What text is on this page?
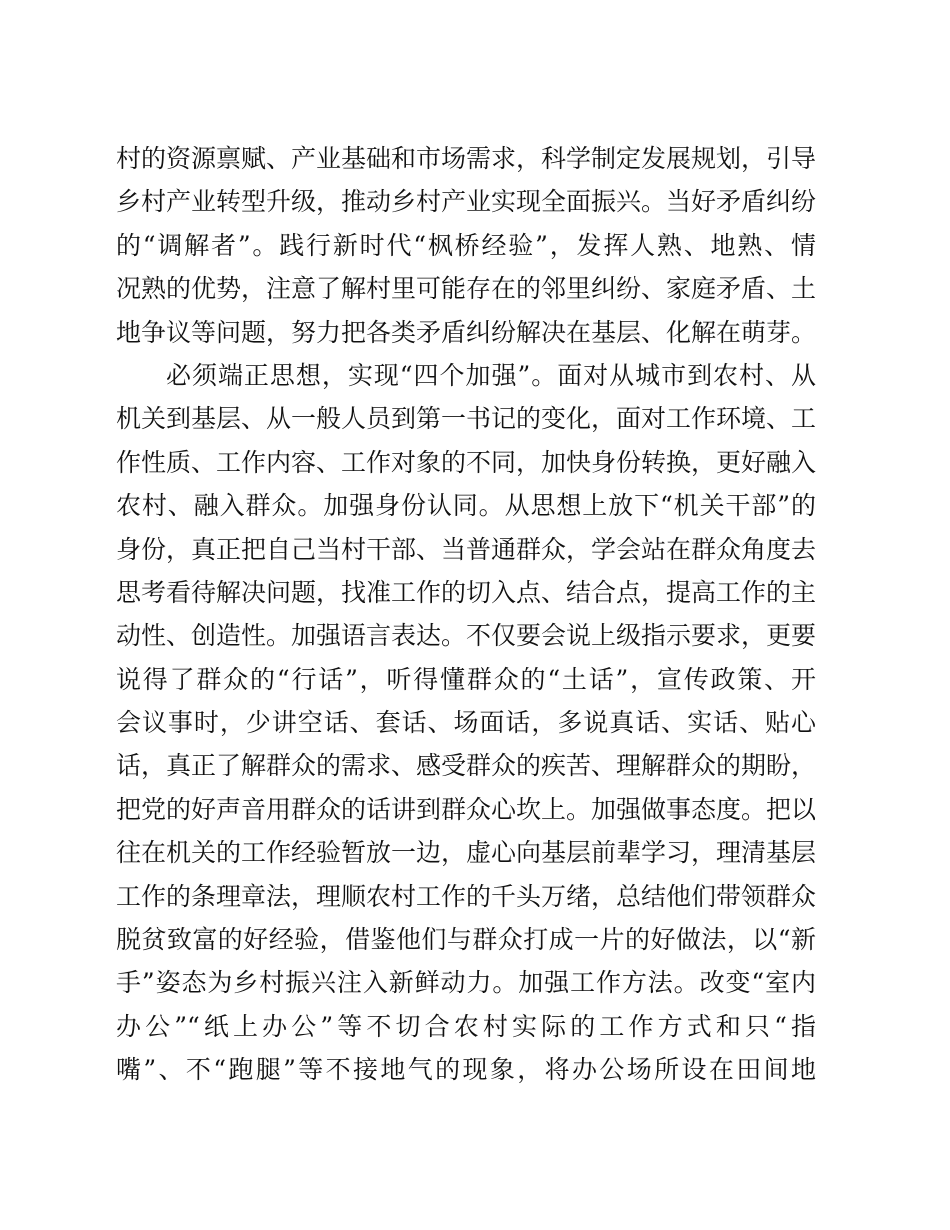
村的资源禀赋、产业基础和市场需求，科学制定发展规划，引导
乡村产业转型升级，推动乡村产业实现全面振兴。当好矛盾纠纷
的“调解者”。践行新时代“枫桥经验”，发挥人熟、地熟、情
况熟的优势，注意了解村里可能存在的邻里纠纷、家庭矛盾、土
地争议等问题，努力把各类矛盾纠纷解决在基层、化解在萌芽。
必须端正思想，实现“四个加强”。面对从城市到农村、从
机关到基层、从一般人员到第一书记的变化，面对工作环境、工
作性质、工作内容、工作对象的不同，加快身份转换，更好融入
农村、融入群众。加强身份认同。从思想上放下“机关干部”的
身份，真正把自己当村干部、当普通群众，学会站在群众角度去
思考看待解决问题，找准工作的切入点、结合点，提高工作的主
动性、创造性。加强语言表达。不仅要会说上级指示要求，更要
说得了群众的“行话”，听得懂群众的“土话”，宣传政策、开
会议事时，少讲空话、套话、场面话，多说真话、实话、贴心
话，真正了解群众的需求、感受群众的疾苦、理解群众的期盼，
把党的好声音用群众的话讲到群众心坎上。加强做事态度。把以
往在机关的工作经验暂放一边，虚心向基层前辈学习，理清基层
工作的条理章法，理顺农村工作的千头万绪，总结他们带领群众
脱贫致富的好经验，借鉴他们与群众打成一片的好做法，以“新
手”姿态为乡村振兴注入新鲜动力。加强工作方法。改变“室内
办公”“纸上办公”等不切合农村实际的工作方式和只“指
嘴”、不“跑腿”等不接地气的现象，将办公场所设在田间地
